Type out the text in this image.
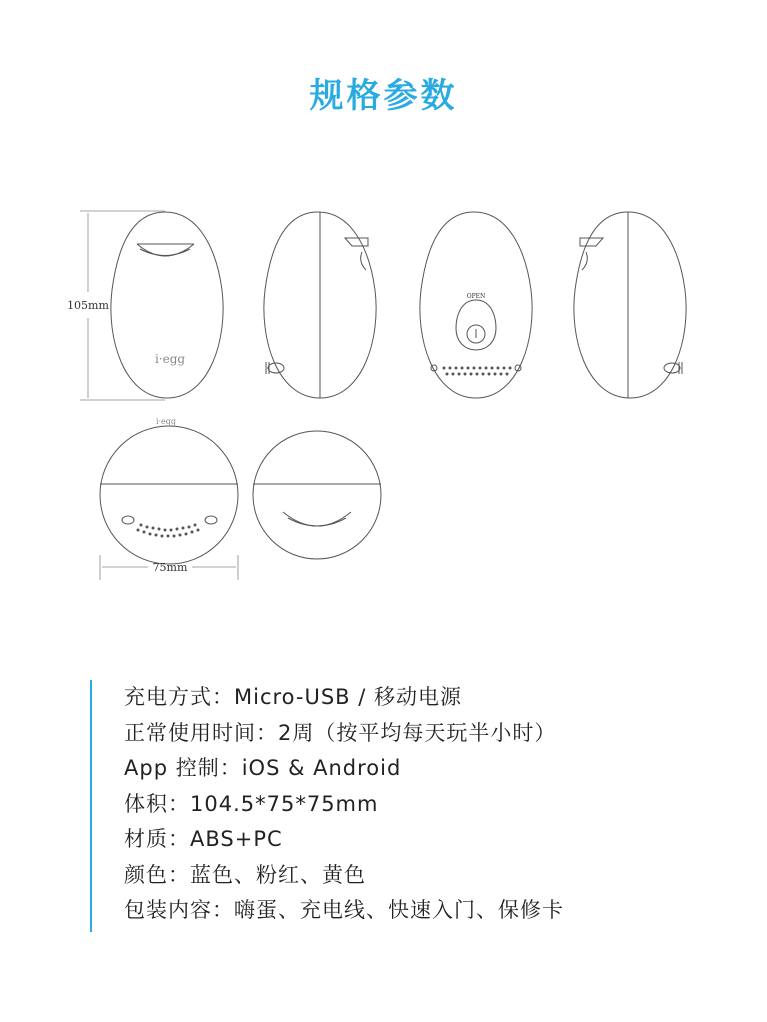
规格参数
105mm
75mm
i·egg
OPEN
i·egg
充电方式：Micro-USB / 移动电源
正常使用时间：2周（按平均每天玩半小时）
App 控制：iOS & Android
体积：104.5*75*75mm
材质：ABS+PC
颜色：蓝色、粉红、黄色
包装内容：嗨蛋、充电线、快速入门、保修卡
